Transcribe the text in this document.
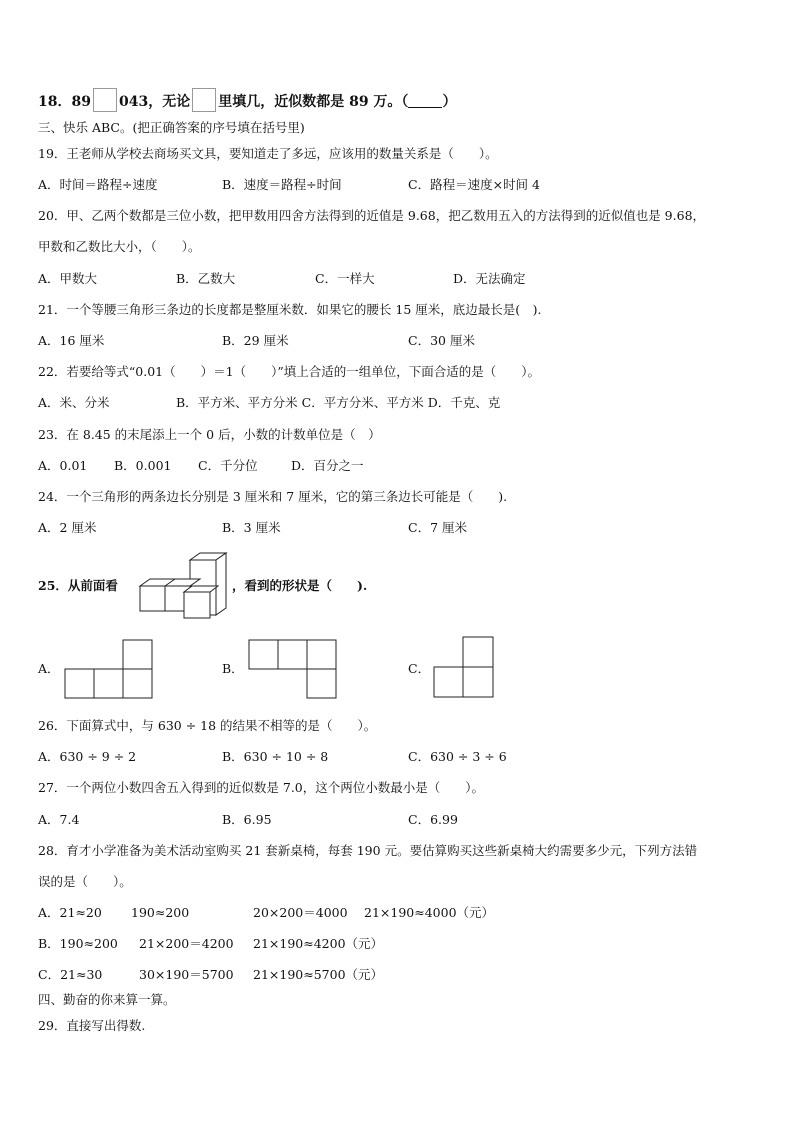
18．89 043，无论 里填几，近似数都是 89 万。（ ）
三、快乐 ABC。(把正确答案的序号填在括号里)
19．王老师从学校去商场买文具，要知道走了多远，应该用的数量关系是（　　）。
A．时间＝路程÷速度	B．速度＝路程÷时间	C．路程＝速度×时间 4
20．甲、乙两个数都是三位小数，把甲数用四舍方法得到的近值是 9.68，把乙数用五入的方法得到的近似值也是 9.68，
甲数和乙数比大小，（　　）。
A．甲数大	B．乙数大	C．一样大	D．无法确定
21．一个等腰三角形三条边的长度都是整厘米数．如果它的腰长 15 厘米，底边最长是(　).
A．16 厘米	B．29 厘米	C．30 厘米
22．若要给等式“0.01（　　）＝1（　　）”填上合适的一组单位，下面合适的是（　　）。
A．米、分米	B．平方米、平方分米 C．平方分米、平方米 D．千克、克
23．在 8.45 的末尾添上一个 0 后，小数的计数单位是（　）
A．0.01 B．0.001 C．千分位	D．百分之一
24．一个三角形的两条边长分别是 3 厘米和 7 厘米，它的第三条边长可能是（　　).
A．2 厘米	B．3 厘米	C．7 厘米
25．从前面看	，看到的形状是（　　).
A．	B．	C．
26．下面算式中，与 630 ÷ 18 的结果不相等的是（　　）。
A．630 ÷ 9 ÷ 2	B．630 ÷ 10 ÷ 8	C．630 ÷ 3 ÷ 6
27．一个两位小数四舍五入得到的近似数是 7.0，这个两位小数最小是（　　）。
A．7.4	B．6.95	C．6.99
28．育才小学准备为美术活动室购买 21 套新桌椅，每套 190 元。要估算购买这些新桌椅大约需要多少元，下列方法错
误的是（　　）。
A．21≈20 190≈200	20×200＝4000 21×190≈4000（元）
B．190≈200 21×200＝4200 21×190≈4200（元）
C．21≈30	30×190＝5700 21×190≈5700（元）
四、勤奋的你来算一算。
29．直接写出得数.
